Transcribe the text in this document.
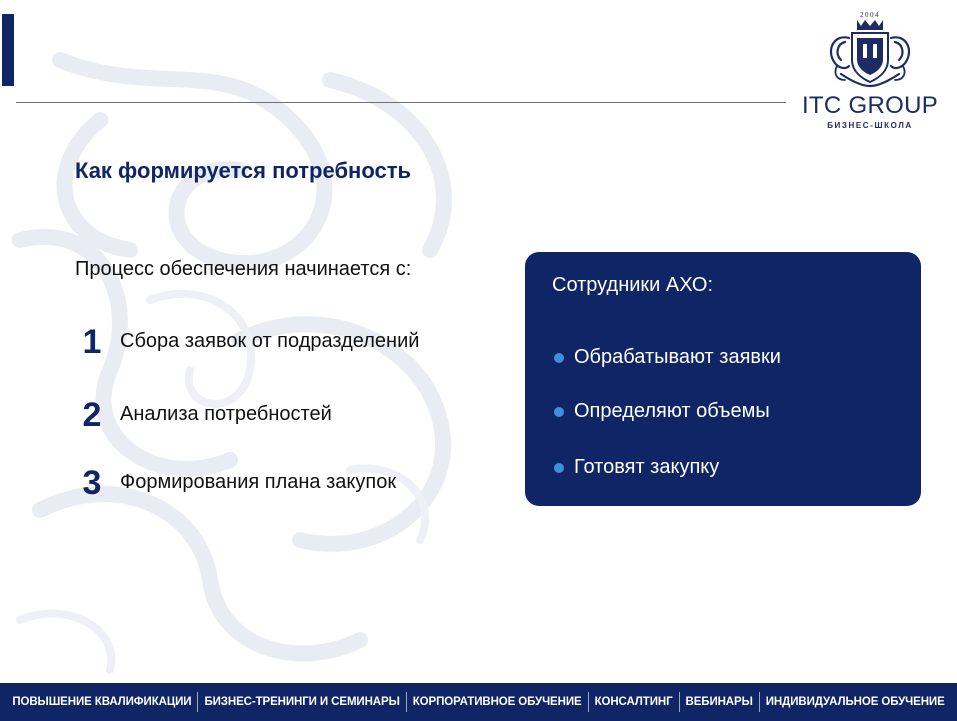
2004
ITC GROUP
БИЗНЕС-ШКОЛА
Как формируется потребность
Процесс обеспечения начинается с:
1 Сбора заявок от подразделений
2 Анализа потребностей
3 Формирования плана закупок
Сотрудники АХО:
Обрабатывают заявки
Определяют объемы
Готовят закупку
ПОВЫШЕНИЕ КВАЛИФИКАЦИИ	БИЗНЕС-ТРЕНИНГИ И СЕМИНАРЫ	КОРПОРАТИВНОЕ ОБУЧЕНИЕ	КОНСАЛТИНГ	ВЕБИНАРЫ	ИНДИВИДУАЛЬНОЕ ОБУЧЕНИЕ
